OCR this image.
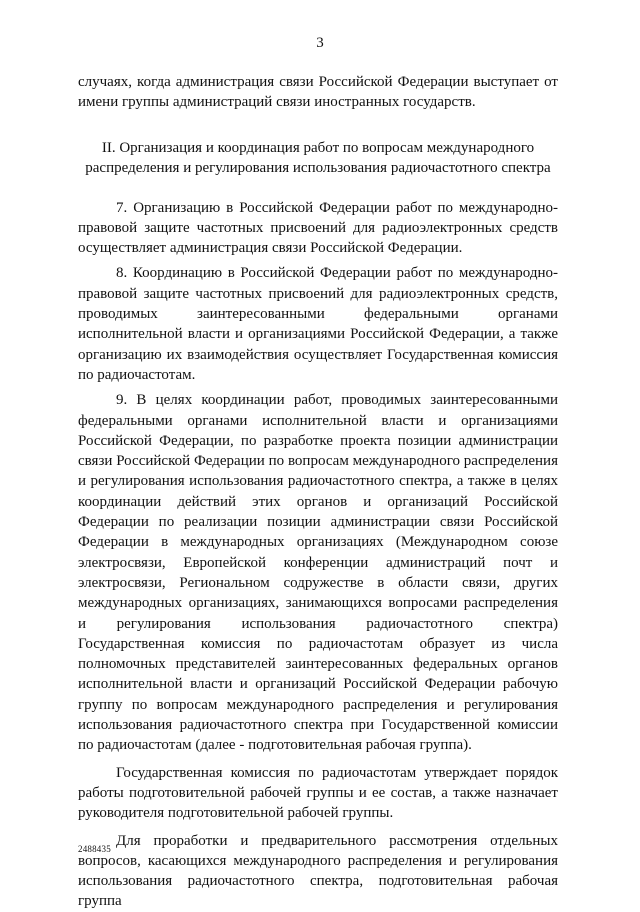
3

случаях, когда администрация связи Российской Федерации выступает от имени группы администраций связи иностранных государств.

II. Организация и координация работ по вопросам международного
распределения и регулирования использования радиочастотного спектра

7. Организацию в Российской Федерации работ по международно-правовой защите частотных присвоений для радиоэлектронных средств осуществляет администрация связи Российской Федерации.

8. Координацию в Российской Федерации работ по международно-правовой защите частотных присвоений для радиоэлектронных средств, проводимых заинтересованными федеральными органами исполнительной власти и организациями Российской Федерации, а также организацию их взаимодействия осуществляет Государственная комиссия по радиочастотам.

9. В целях координации работ, проводимых заинтересованными федеральными органами исполнительной власти и организациями Российской Федерации, по разработке проекта позиции администрации связи Российской Федерации по вопросам международного распределения и регулирования использования радиочастотного спектра, а также в целях координации действий этих органов и организаций Российской Федерации по реализации позиции администрации связи Российской Федерации в международных организациях (Международном союзе электросвязи, Европейской конференции администраций почт и электросвязи, Региональном содружестве в области связи, других международных организациях, занимающихся вопросами распределения и регулирования использования радиочастотного спектра) Государственная комиссия по радиочастотам образует из числа полномочных представителей заинтересованных федеральных органов исполнительной власти и организаций Российской Федерации рабочую группу по вопросам международного распределения и регулирования использования радиочастотного спектра при Государственной комиссии по радиочастотам (далее - подготовительная рабочая группа).

Государственная комиссия по радиочастотам утверждает порядок работы подготовительной рабочей группы и ее состав, а также назначает руководителя подготовительной рабочей группы.

Для проработки и предварительного рассмотрения отдельных вопросов, касающихся международного распределения и регулирования использования радиочастотного спектра, подготовительная рабочая группа

2488435
